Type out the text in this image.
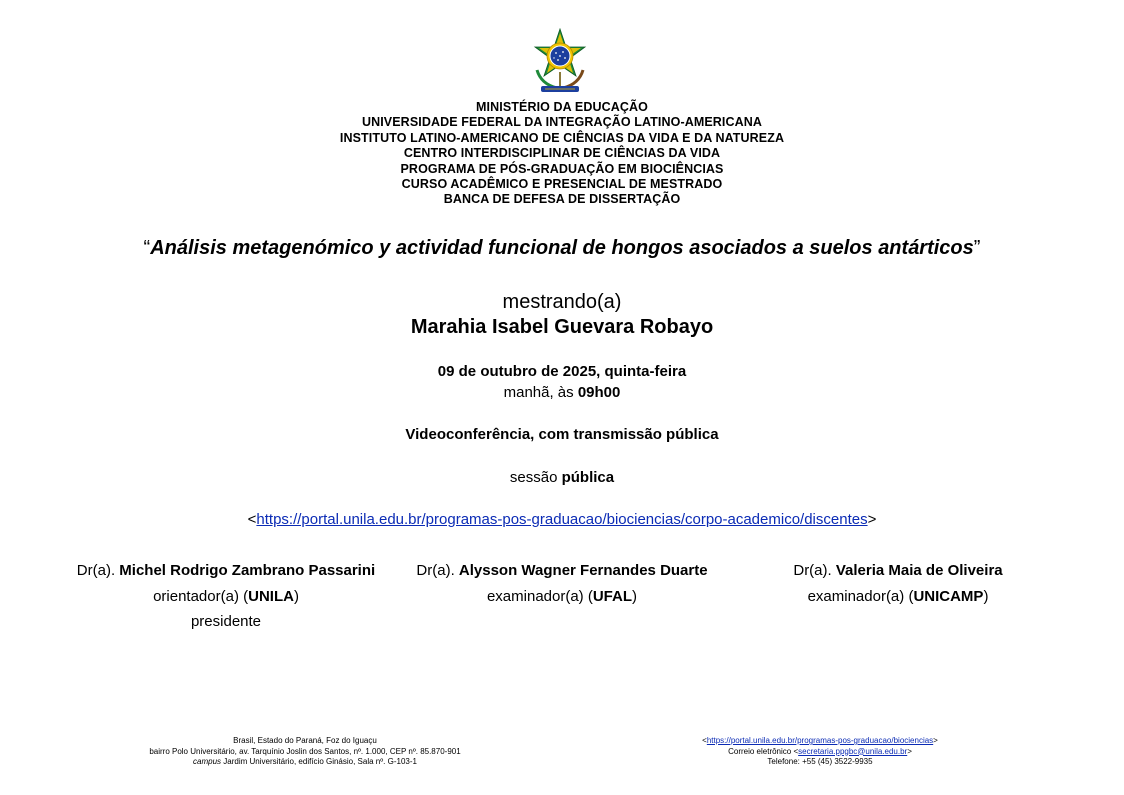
MINISTÉRIO DA EDUCAÇÃO
UNIVERSIDADE FEDERAL DA INTEGRAÇÃO LATINO-AMERICANA
INSTITUTO LATINO-AMERICANO DE CIÊNCIAS DA VIDA E DA NATUREZA
CENTRO INTERDISCIPLINAR DE CIÊNCIAS DA VIDA
PROGRAMA DE PÓS-GRADUAÇÃO EM BIOCIÊNCIAS
CURSO ACADÊMICO E PRESENCIAL DE MESTRADO
BANCA DE DEFESA DE DISSERTAÇÃO
“Análisis metagenómico y actividad funcional de hongos asociados a suelos antárticos”
mestrando(a)
Marahia Isabel Guevara Robayo
09 de outubro de 2025, quinta-feira
manhã, às 09h00
Videoconferência, com transmissão pública
sessão pública
<https://portal.unila.edu.br/programas-pos-graduacao/biociencias/corpo-academico/discentes>
Dr(a). Michel Rodrigo Zambrano Passarini
orientador(a) (UNILA)
presidente
Dr(a). Alysson Wagner Fernandes Duarte
examinador(a) (UFAL)
Dr(a). Valeria Maia de Oliveira
examinador(a) (UNICAMP)
Brasil, Estado do Paraná, Foz do Iguaçu
bairro Polo Universitário, av. Tarquínio Joslin dos Santos, nº. 1.000, CEP nº. 85.870-901
campus Jardim Universitário, edifício Ginásio, Sala nº. G-103-1
<https://portal.unila.edu.br/programas-pos-graduacao/biociencias>
Correio eletrônico <secretaria.ppgbc@unila.edu.br>
Telefone: +55 (45) 3522-9935
